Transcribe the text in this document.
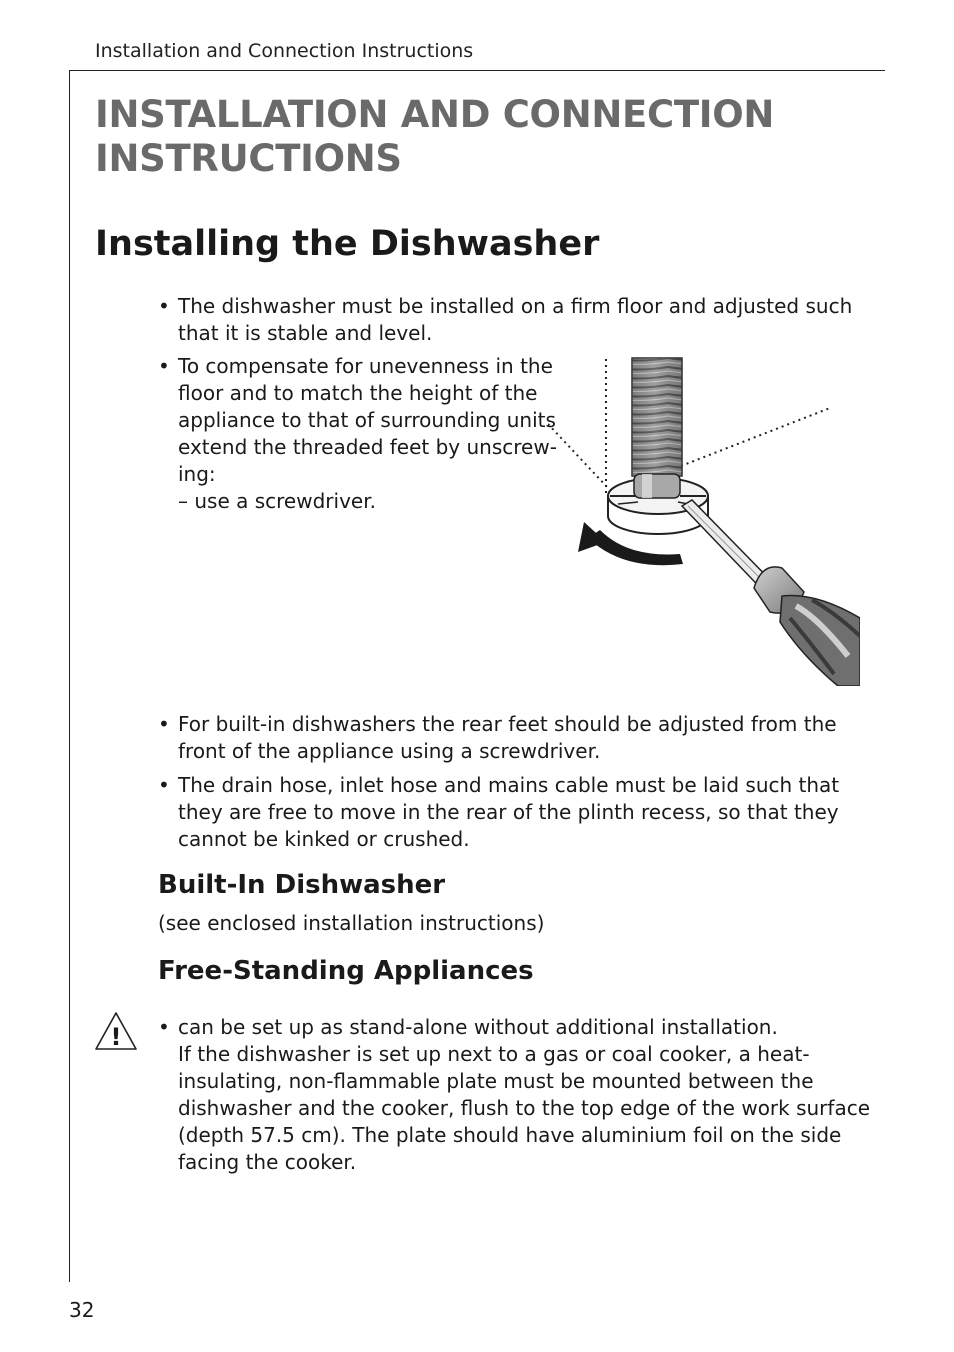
Installation and Connection Instructions
INSTALLATION AND CONNECTION
INSTRUCTIONS
Installing the Dishwasher
• The dishwasher must be installed on a firm floor and adjusted such
that it is stable and level.
• To compensate for unevenness in the
floor and to match the height of the
appliance to that of surrounding units
extend the threaded feet by unscrew-
ing:
– use a screwdriver.
• For built-in dishwashers the rear feet should be adjusted from the
front of the appliance using a screwdriver.
• The drain hose, inlet hose and mains cable must be laid such that
they are free to move in the rear of the plinth recess, so that they
cannot be kinked or crushed.
Built-In Dishwasher
(see enclosed installation instructions)
Free-Standing Appliances
! • can be set up as stand-alone without additional installation.
If the dishwasher is set up next to a gas or coal cooker, a heat-
insulating, non-flammable plate must be mounted between the
dishwasher and the cooker, flush to the top edge of the work surface
(depth 57.5 cm). The plate should have aluminium foil on the side
facing the cooker.
32
